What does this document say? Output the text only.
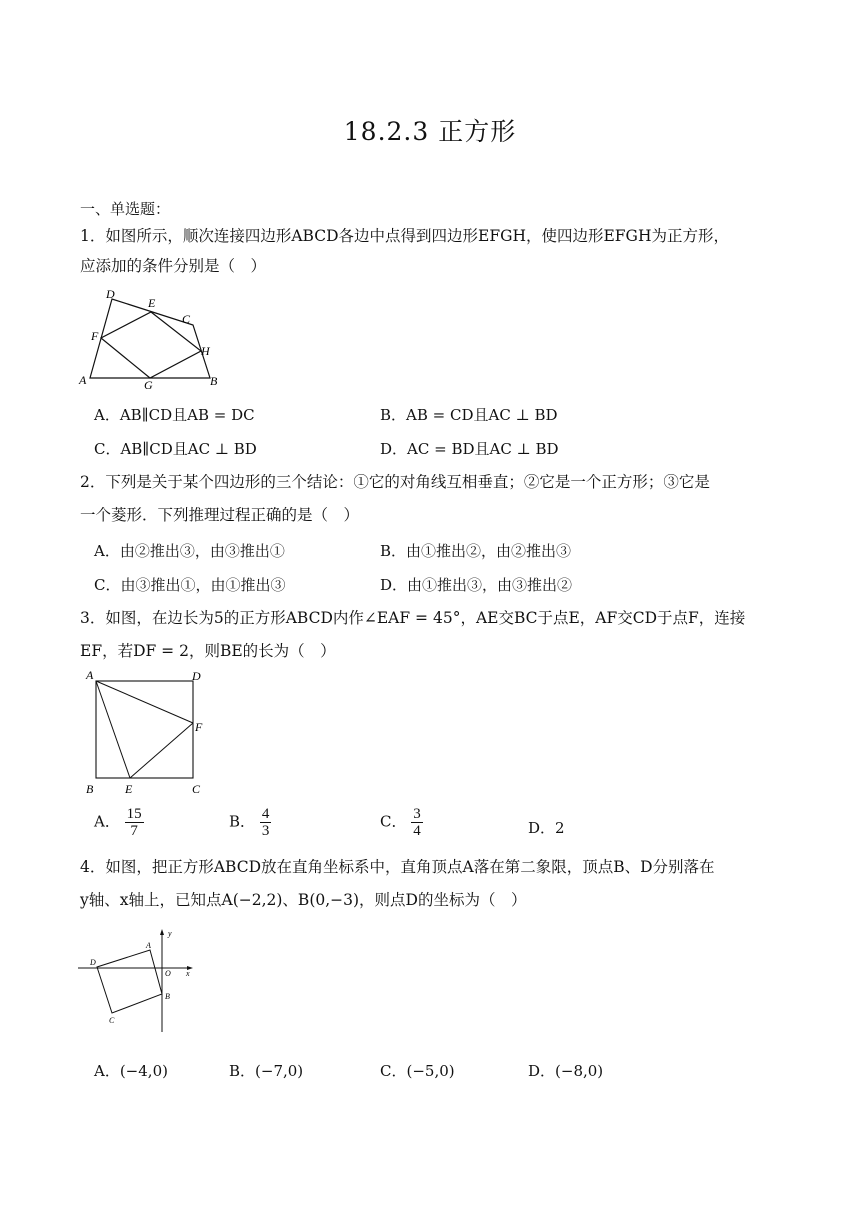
18.2.3 正方形
一、单选题：
1．如图所示，顺次连接四边形ABCD各边中点得到四边形EFGH，使四边形EFGH为正方形，
应添加的条件分别是（　）
A	B
C
D
E
F
G
H
A．AB∥CD且AB = DC	B．AB = CD且AC ⊥ BD
C．AB∥CD且AC ⊥ BD	D．AC = BD且AC ⊥ BD
2．下列是关于某个四边形的三个结论：①它的对角线互相垂直；②它是一个正方形；③它是
一个菱形．下列推理过程正确的是（　）
A．由②推出③，由③推出①	B．由①推出②，由②推出③
C．由③推出①，由①推出③	D．由①推出③，由③推出②
3．如图，在边长为5的正方形ABCD内作∠EAF = 45°，AE交BC于点E，AF交CD于点F，连接
EF，若DF = 2，则BE的长为（　）
A
B	C
D
E
F
A． $\frac{15}{7}$	B． $\frac{4}{3}$	C． $\frac{3}{4}$	D．2
4．如图，把正方形ABCD放在直角坐标系中，直角顶点A落在第二象限，顶点B、D分别落在
y轴、x轴上，已知点A(−2,2)、B(0,−3)，则点D的坐标为（　）
A
B
C
D
O x
y
A．(−4,0)	B．(−7,0)	C．(−5,0)	D．(−8,0)
